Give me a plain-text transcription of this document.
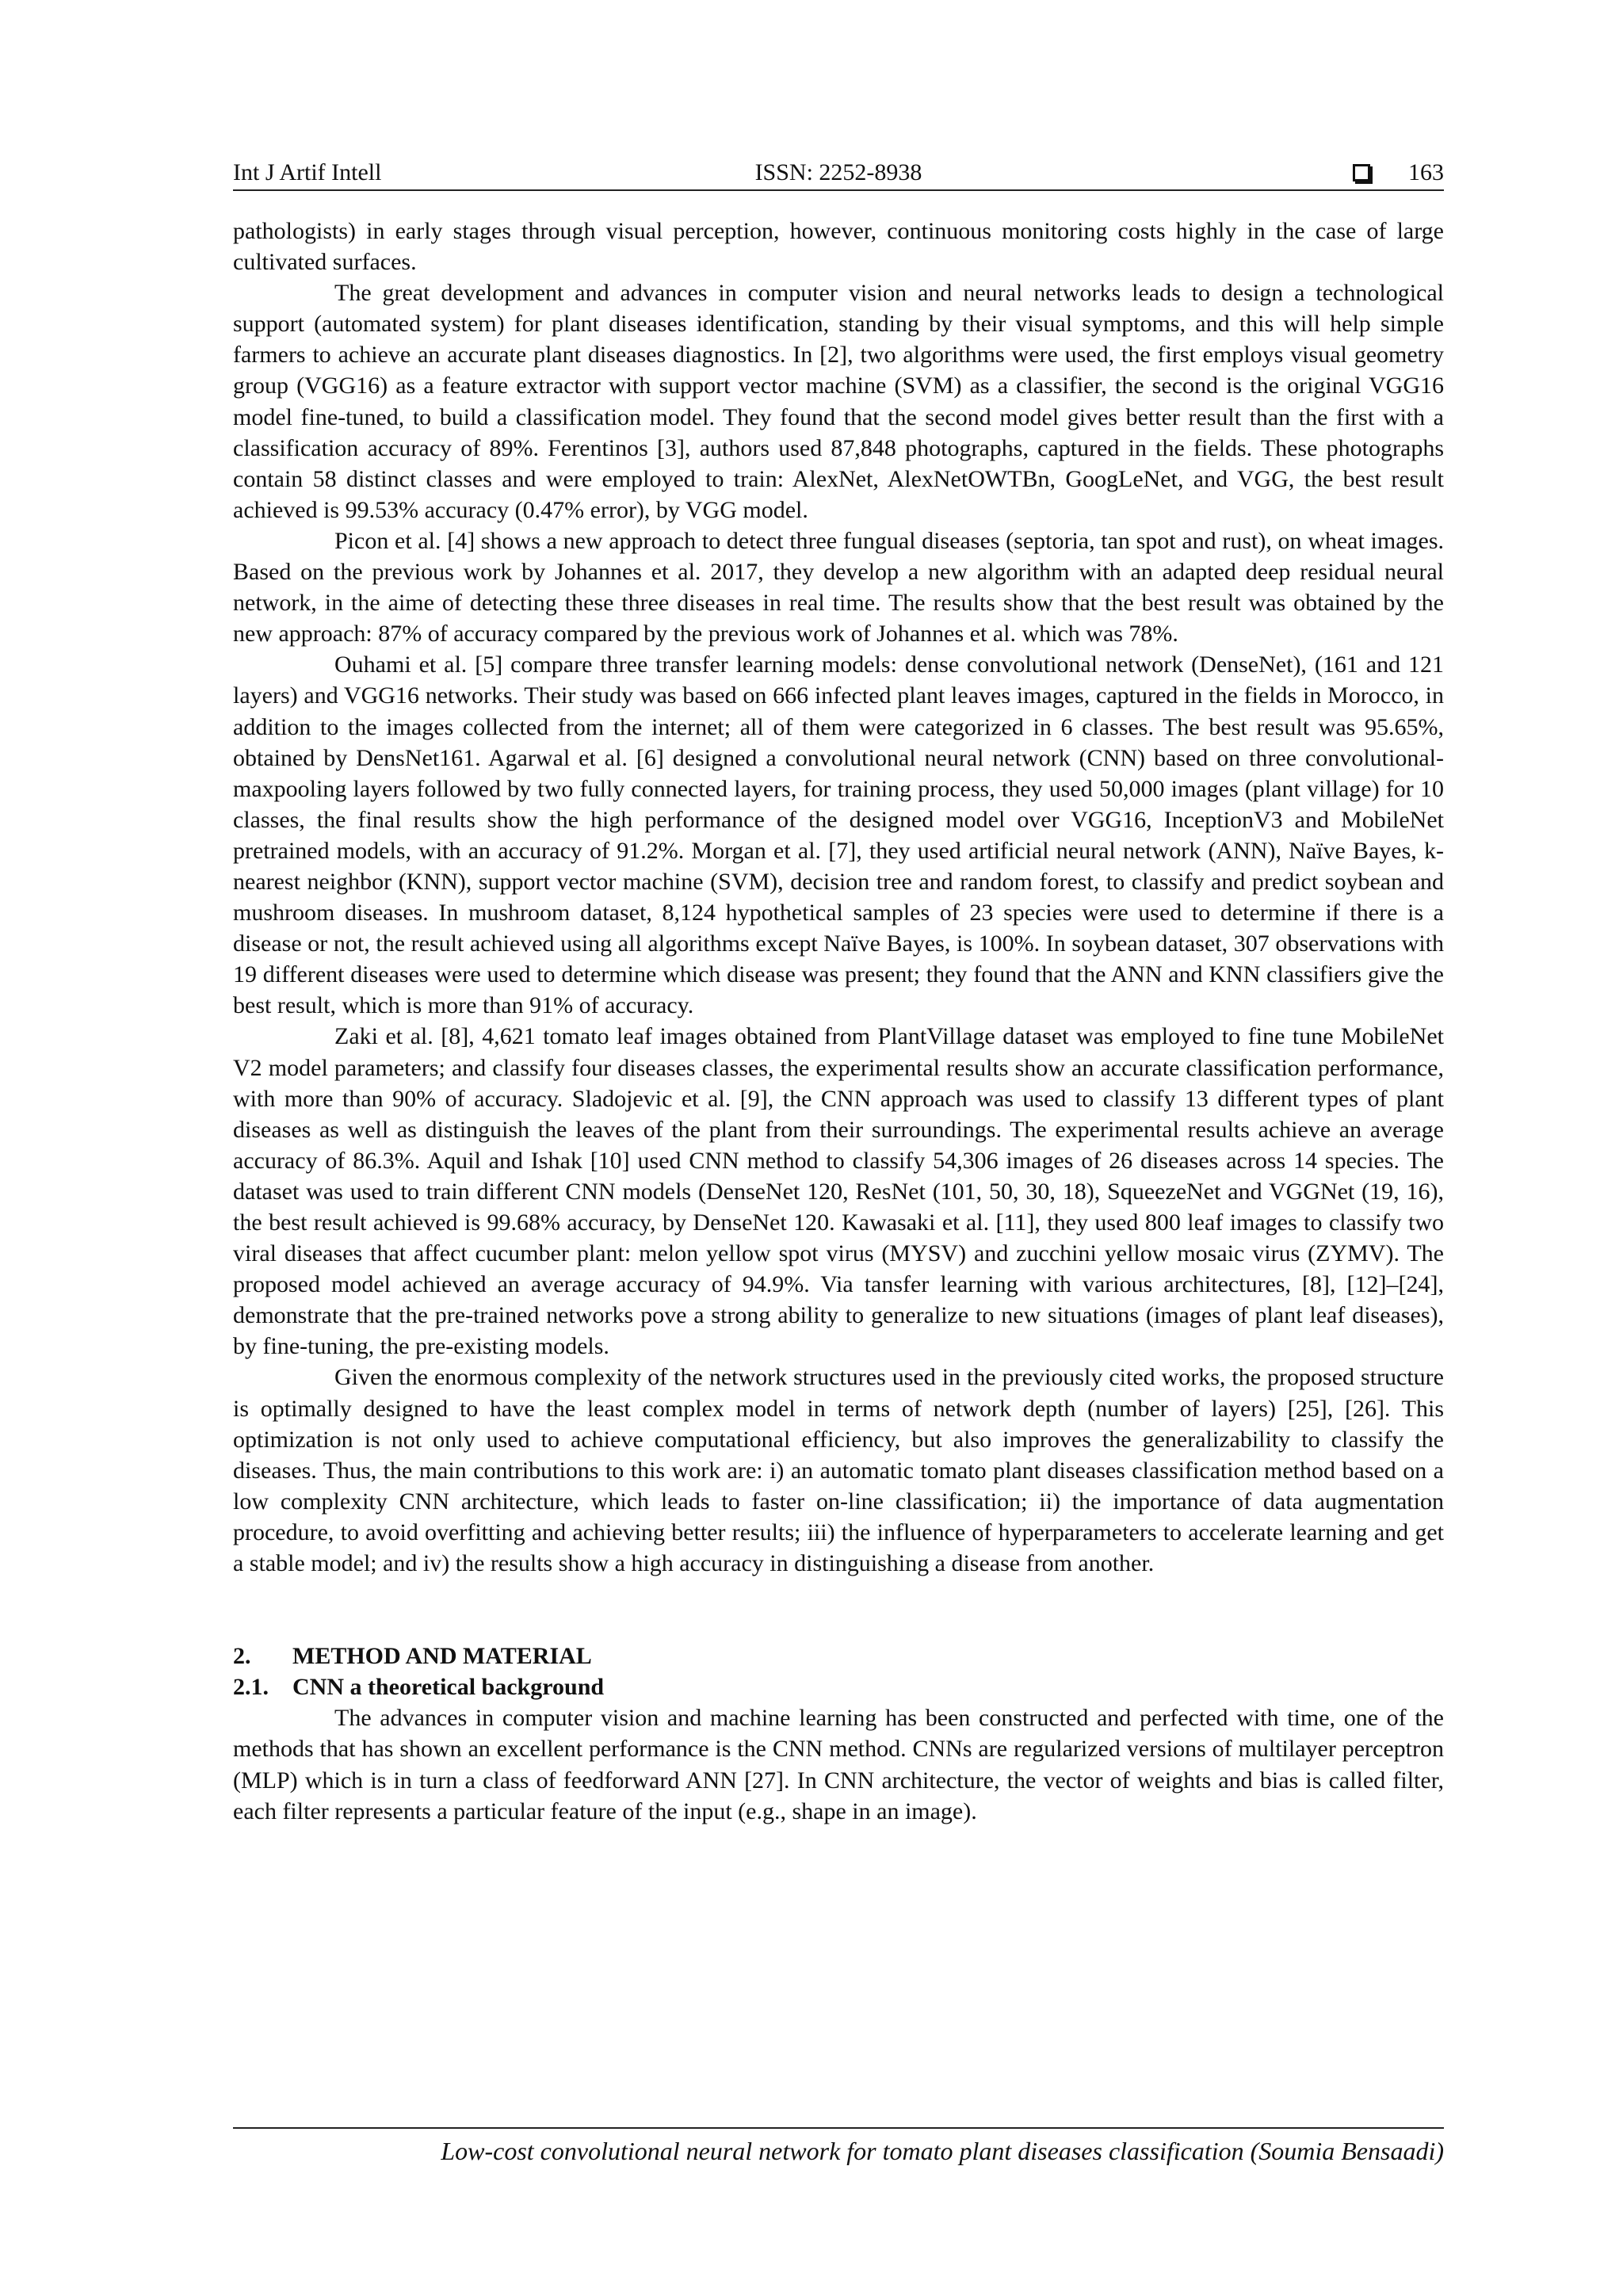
Int J Artif Intell	ISSN: 2252-8938	163

pathologists) in early stages through visual perception, however, continuous monitoring costs highly in the case of large cultivated surfaces.

The great development and advances in computer vision and neural networks leads to design a technological support (automated system) for plant diseases identification, standing by their visual symptoms, and this will help simple farmers to achieve an accurate plant diseases diagnostics. In [2], two algorithms were used, the first employs visual geometry group (VGG16) as a feature extractor with support vector machine (SVM) as a classifier, the second is the original VGG16 model fine-tuned, to build a classification model. They found that the second model gives better result than the first with a classification accuracy of 89%. Ferentinos [3], authors used 87,848 photographs, captured in the fields. These photographs contain 58 distinct classes and were employed to train: AlexNet, AlexNetOWTBn, GoogLeNet, and VGG, the best result achieved is 99.53% accuracy (0.47% error), by VGG model.

Picon et al. [4] shows a new approach to detect three fungual diseases (septoria, tan spot and rust), on wheat images. Based on the previous work by Johannes et al. 2017, they develop a new algorithm with an adapted deep residual neural network, in the aime of detecting these three diseases in real time. The results show that the best result was obtained by the new approach: 87% of accuracy compared by the previous work of Johannes et al. which was 78%.

Ouhami et al. [5] compare three transfer learning models: dense convolutional network (DenseNet), (161 and 121 layers) and VGG16 networks. Their study was based on 666 infected plant leaves images, captured in the fields in Morocco, in addition to the images collected from the internet; all of them were categorized in 6 classes. The best result was 95.65%, obtained by DensNet161. Agarwal et al. [6] designed a convolutional neural network (CNN) based on three convolutional-maxpooling layers followed by two fully connected layers, for training process, they used 50,000 images (plant village) for 10 classes, the final results show the high performance of the designed model over VGG16, InceptionV3 and MobileNet pretrained models, with an accuracy of 91.2%. Morgan et al. [7], they used artificial neural network (ANN), Naïve Bayes, k-nearest neighbor (KNN), support vector machine (SVM), decision tree and random forest, to classify and predict soybean and mushroom diseases. In mushroom dataset, 8,124 hypothetical samples of 23 species were used to determine if there is a disease or not, the result achieved using all algorithms except Naïve Bayes, is 100%. In soybean dataset, 307 observations with 19 different diseases were used to determine which disease was present; they found that the ANN and KNN classifiers give the best result, which is more than 91% of accuracy.

Zaki et al. [8], 4,621 tomato leaf images obtained from PlantVillage dataset was employed to fine tune MobileNet V2 model parameters; and classify four diseases classes, the experimental results show an accurate classification performance, with more than 90% of accuracy. Sladojevic et al. [9], the CNN approach was used to classify 13 different types of plant diseases as well as distinguish the leaves of the plant from their surroundings. The experimental results achieve an average accuracy of 86.3%. Aquil and Ishak [10] used CNN method to classify 54,306 images of 26 diseases across 14 species. The dataset was used to train different CNN models (DenseNet 120, ResNet (101, 50, 30, 18), SqueezeNet and VGGNet (19, 16), the best result achieved is 99.68% accuracy, by DenseNet 120. Kawasaki et al. [11], they used 800 leaf images to classify two viral diseases that affect cucumber plant: melon yellow spot virus (MYSV) and zucchini yellow mosaic virus (ZYMV). The proposed model achieved an average accuracy of 94.9%. Via tansfer learning with various architectures, [8], [12]–[24], demonstrate that the pre-trained networks pove a strong ability to generalize to new situations (images of plant leaf diseases), by fine-tuning, the pre-existing models.

Given the enormous complexity of the network structures used in the previously cited works, the proposed structure is optimally designed to have the least complex model in terms of network depth (number of layers) [25], [26]. This optimization is not only used to achieve computational efficiency, but also improves the generalizability to classify the diseases. Thus, the main contributions to this work are: i) an automatic tomato plant diseases classification method based on a low complexity CNN architecture, which leads to faster on-line classification; ii) the importance of data augmentation procedure, to avoid overfitting and achieving better results; iii) the influence of hyperparameters to accelerate learning and get a stable model; and iv) the results show a high accuracy in distinguishing a disease from another.

2. METHOD AND MATERIAL

2.1. CNN a theoretical background

The advances in computer vision and machine learning has been constructed and perfected with time, one of the methods that has shown an excellent performance is the CNN method. CNNs are regularized versions of multilayer perceptron (MLP) which is in turn a class of feedforward ANN [27]. In CNN architecture, the vector of weights and bias is called filter, each filter represents a particular feature of the input (e.g., shape in an image).

Low-cost convolutional neural network for tomato plant diseases classification (Soumia Bensaadi)
